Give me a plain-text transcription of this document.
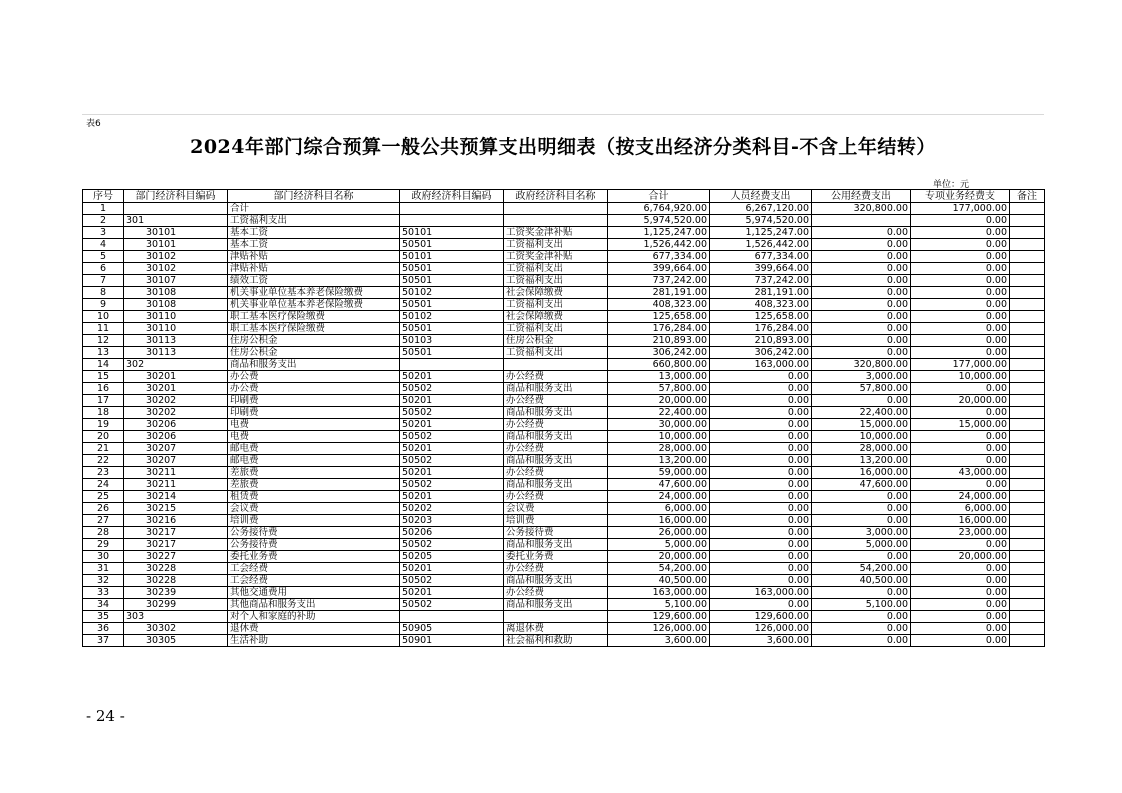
表6
2024年部门综合预算一般公共预算支出明细表（按支出经济分类科目-不含上年结转）
单位：元
序号	部门经济科目编码	部门经济科目名称	政府经济科目编码	政府经济科目名称	合计	人员经费支出	公用经费支出	专项业务经费支	备注
1		合计			6,764,920.00	6,267,120.00	320,800.00	177,000.00	
2	301	工资福利支出			5,974,520.00	5,974,520.00		0.00	
3	30101	基本工资	50101	工资奖金津补贴	1,125,247.00	1,125,247.00	0.00	0.00	
4	30101	基本工资	50501	工资福利支出	1,526,442.00	1,526,442.00	0.00	0.00	
5	30102	津贴补贴	50101	工资奖金津补贴	677,334.00	677,334.00	0.00	0.00	
6	30102	津贴补贴	50501	工资福利支出	399,664.00	399,664.00	0.00	0.00	
7	30107	绩效工资	50501	工资福利支出	737,242.00	737,242.00	0.00	0.00	
8	30108	机关事业单位基本养老保险缴费	50102	社会保障缴费	281,191.00	281,191.00	0.00	0.00	
9	30108	机关事业单位基本养老保险缴费	50501	工资福利支出	408,323.00	408,323.00	0.00	0.00	
10	30110	职工基本医疗保险缴费	50102	社会保障缴费	125,658.00	125,658.00	0.00	0.00	
11	30110	职工基本医疗保险缴费	50501	工资福利支出	176,284.00	176,284.00	0.00	0.00	
12	30113	住房公积金	50103	住房公积金	210,893.00	210,893.00	0.00	0.00	
13	30113	住房公积金	50501	工资福利支出	306,242.00	306,242.00	0.00	0.00	
14	302	商品和服务支出			660,800.00	163,000.00	320,800.00	177,000.00	
15	30201	办公费	50201	办公经费	13,000.00	0.00	3,000.00	10,000.00	
16	30201	办公费	50502	商品和服务支出	57,800.00	0.00	57,800.00	0.00	
17	30202	印刷费	50201	办公经费	20,000.00	0.00	0.00	20,000.00	
18	30202	印刷费	50502	商品和服务支出	22,400.00	0.00	22,400.00	0.00	
19	30206	电费	50201	办公经费	30,000.00	0.00	15,000.00	15,000.00	
20	30206	电费	50502	商品和服务支出	10,000.00	0.00	10,000.00	0.00	
21	30207	邮电费	50201	办公经费	28,000.00	0.00	28,000.00	0.00	
22	30207	邮电费	50502	商品和服务支出	13,200.00	0.00	13,200.00	0.00	
23	30211	差旅费	50201	办公经费	59,000.00	0.00	16,000.00	43,000.00	
24	30211	差旅费	50502	商品和服务支出	47,600.00	0.00	47,600.00	0.00	
25	30214	租赁费	50201	办公经费	24,000.00	0.00	0.00	24,000.00	
26	30215	会议费	50202	会议费	6,000.00	0.00	0.00	6,000.00	
27	30216	培训费	50203	培训费	16,000.00	0.00	0.00	16,000.00	
28	30217	公务接待费	50206	公务接待费	26,000.00	0.00	3,000.00	23,000.00	
29	30217	公务接待费	50502	商品和服务支出	5,000.00	0.00	5,000.00	0.00	
30	30227	委托业务费	50205	委托业务费	20,000.00	0.00	0.00	20,000.00	
31	30228	工会经费	50201	办公经费	54,200.00	0.00	54,200.00	0.00	
32	30228	工会经费	50502	商品和服务支出	40,500.00	0.00	40,500.00	0.00	
33	30239	其他交通费用	50201	办公经费	163,000.00	163,000.00	0.00	0.00	
34	30299	其他商品和服务支出	50502	商品和服务支出	5,100.00	0.00	5,100.00	0.00	
35	303	对个人和家庭的补助			129,600.00	129,600.00	0.00	0.00	
36	30302	退休费	50905	离退休费	126,000.00	126,000.00	0.00	0.00	
37	30305	生活补助	50901	社会福利和救助	3,600.00	3,600.00	0.00	0.00	
- 24 -
